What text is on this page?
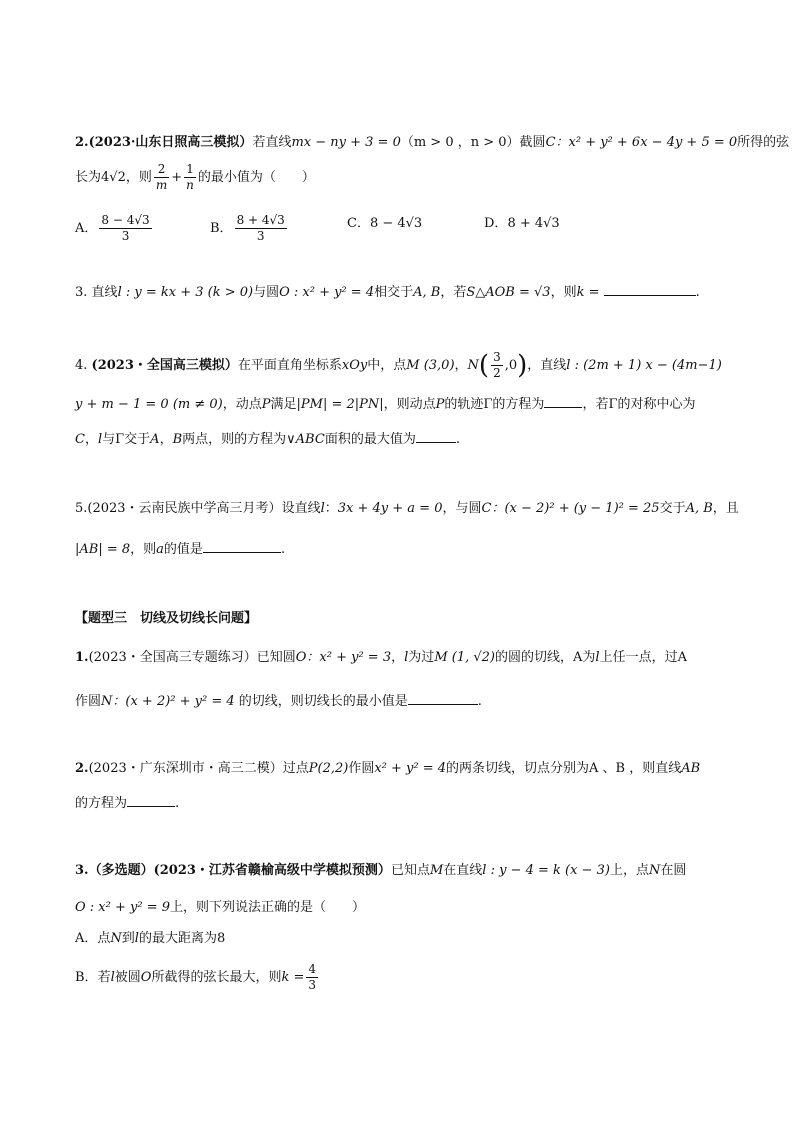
2.(2023·山东日照高三模拟）若直线mx − ny + 3 = 0（m > 0 ，n > 0）截圆C：x² + y² + 6x − 4y + 5 = 0所得的弦
长为4√2，则 $\frac{2}{m} + \frac{1}{n}$ 的最小值为（　　）
A． $\frac{8 - 4√3}{3}$	B． $\frac{8 + 4√3}{3}$	C．8 − 4√3	D．8 + 4√3
3. 直线l : y = kx + 3 (k > 0)与圆O : x² + y² = 4相交于A, B，若S△AOB = √3，则k =	.
4. (2023・全国高三模拟）在平面直角坐标系xOy中，点M (3,0)，$N( \frac{3}{2} ,0)$，直线l : (2m + 1) x − (4m−1)
y + m − 1 = 0 (m ≠ 0)，动点P满足|PM| = 2|PN|，则动点P的轨迹Γ的方程为	，若Γ的对称中心为
C，l与Γ交于A，B两点，则的方程为∨ABC面积的最大值为	.
5.(2023・云南民族中学高三月考）设直线l：3x + 4y + a = 0，与圆C：(x − 2)² + (y − 1)² = 25交于A, B，且
|AB| = 8，则a的值是	.
【题型三　切线及切线长问题】
1.(2023・全国高三专题练习）已知圆O：x² + y² = 3，l为过M (1, √2)的圆的切线，A为l上任一点，过A
作圆N：(x + 2)² + y² = 4 的切线，则切线长的最小值是	.
2.(2023・广东深圳市・高三二模）过点P(2,2)作圆x² + y² = 4的两条切线，切点分别为A 、B ，则直线AB
的方程为	.
3.（多选题）(2023・江苏省赣榆高级中学模拟预测）已知点M在直线l : y − 4 = k (x − 3)上，点N在圆
O : x² + y² = 9上，则下列说法正确的是（　　）
A．点N到l的最大距离为8
B．若l被圆O所截得的弦长最大，则$k = \frac{4}{3}$
